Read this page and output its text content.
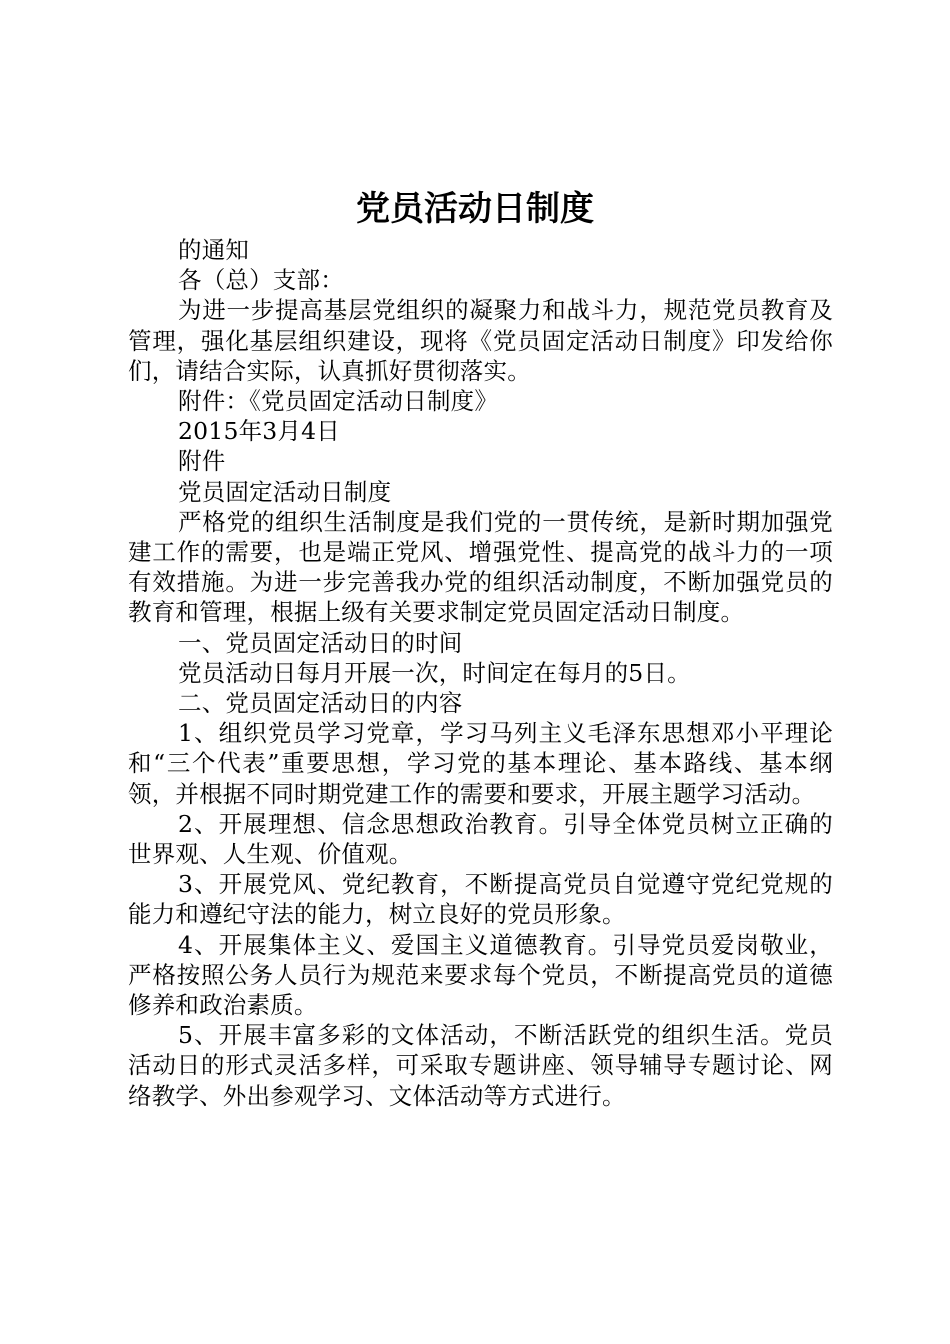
党员活动日制度

的通知

各（总）支部：

为进一步提高基层党组织的凝聚力和战斗力，规范党员教育及管理，强化基层组织建设，现将《党员固定活动日制度》印发给你们，请结合实际，认真抓好贯彻落实。

附件：《党员固定活动日制度》

2015年3月4日

附件

党员固定活动日制度

严格党的组织生活制度是我们党的一贯传统，是新时期加强党建工作的需要，也是端正党风、增强党性、提高党的战斗力的一项有效措施。为进一步完善我办党的组织活动制度，不断加强党员的教育和管理，根据上级有关要求制定党员固定活动日制度。

一、党员固定活动日的时间

党员活动日每月开展一次，时间定在每月的5日。

二、党员固定活动日的内容

1、组织党员学习党章，学习马列主义毛泽东思想邓小平理论和“三个代表”重要思想，学习党的基本理论、基本路线、基本纲领，并根据不同时期党建工作的需要和要求，开展主题学习活动。

2、开展理想、信念思想政治教育。引导全体党员树立正确的世界观、人生观、价值观。

3、开展党风、党纪教育，不断提高党员自觉遵守党纪党规的能力和遵纪守法的能力，树立良好的党员形象。

4、开展集体主义、爱国主义道德教育。引导党员爱岗敬业，严格按照公务人员行为规范来要求每个党员，不断提高党员的道德修养和政治素质。

5、开展丰富多彩的文体活动，不断活跃党的组织生活。党员活动日的形式灵活多样，可采取专题讲座、领导辅导专题讨论、网络教学、外出参观学习、文体活动等方式进行。
